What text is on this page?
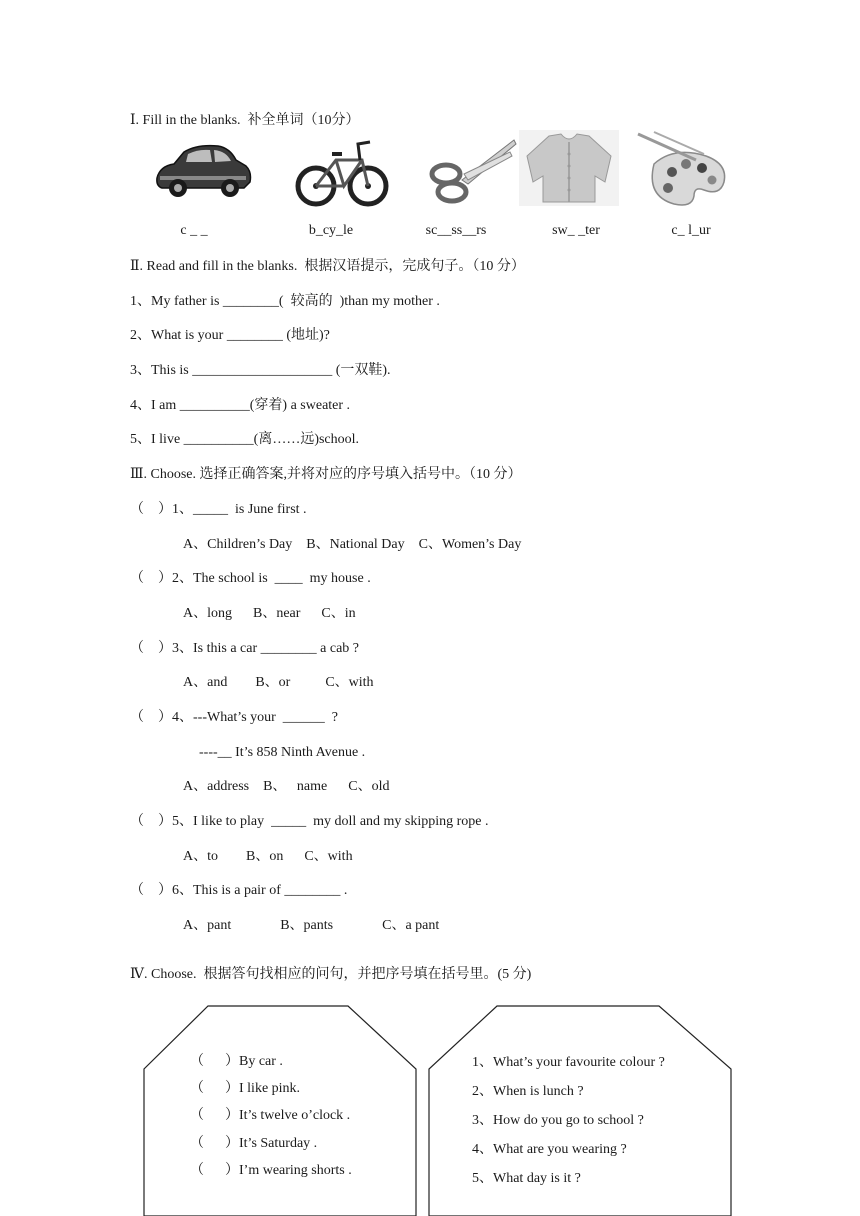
Ⅰ. Fill in the blanks.  补全单词（10分）
c _ _	b_cy_le	sc__ss__rs	sw_ _ter	c_ l_ur
Ⅱ. Read and fill in the blanks.  根据汉语提示，完成句子。（10 分）
1、My father is ________(  较高的  )than my mother .
2、What is your ________ (地址)?
3、This is ____________________ (一双鞋).
4、I am __________(穿着) a sweater .
5、I live __________(离……远)school.
Ⅲ. Choose. 选择正确答案,并将对应的序号填入括号中。（10 分）
（    ）1、_____  is June first .
A、Children’s Day    B、National Day    C、Women’s Day
（    ）2、The school is  ____  my house .
A、long      B、near      C、in
（    ）3、Is this a car ________ a cab ?
A、and        B、or          C、with
（    ）4、---What’s your  ______  ?
----__ It’s 858 Ninth Avenue .
A、address    B、   name      C、old
（    ）5、I like to play  _____  my doll and my skipping rope .
A、to        B、on      C、with
（    ）6、This is a pair of ________ .
A、pant              B、pants              C、a pant
Ⅳ. Choose.  根据答句找相应的问句，并把序号填在括号里。(5 分)
（      ）By car .
（      ）I like pink.
（      ）It’s twelve o’clock .
（      ）It’s Saturday .
（      ）I’m wearing shorts .
1、What’s your favourite colour ?
2、When is lunch ?
3、How do you go to school ?
4、What are you wearing ?
5、What day is it ?
